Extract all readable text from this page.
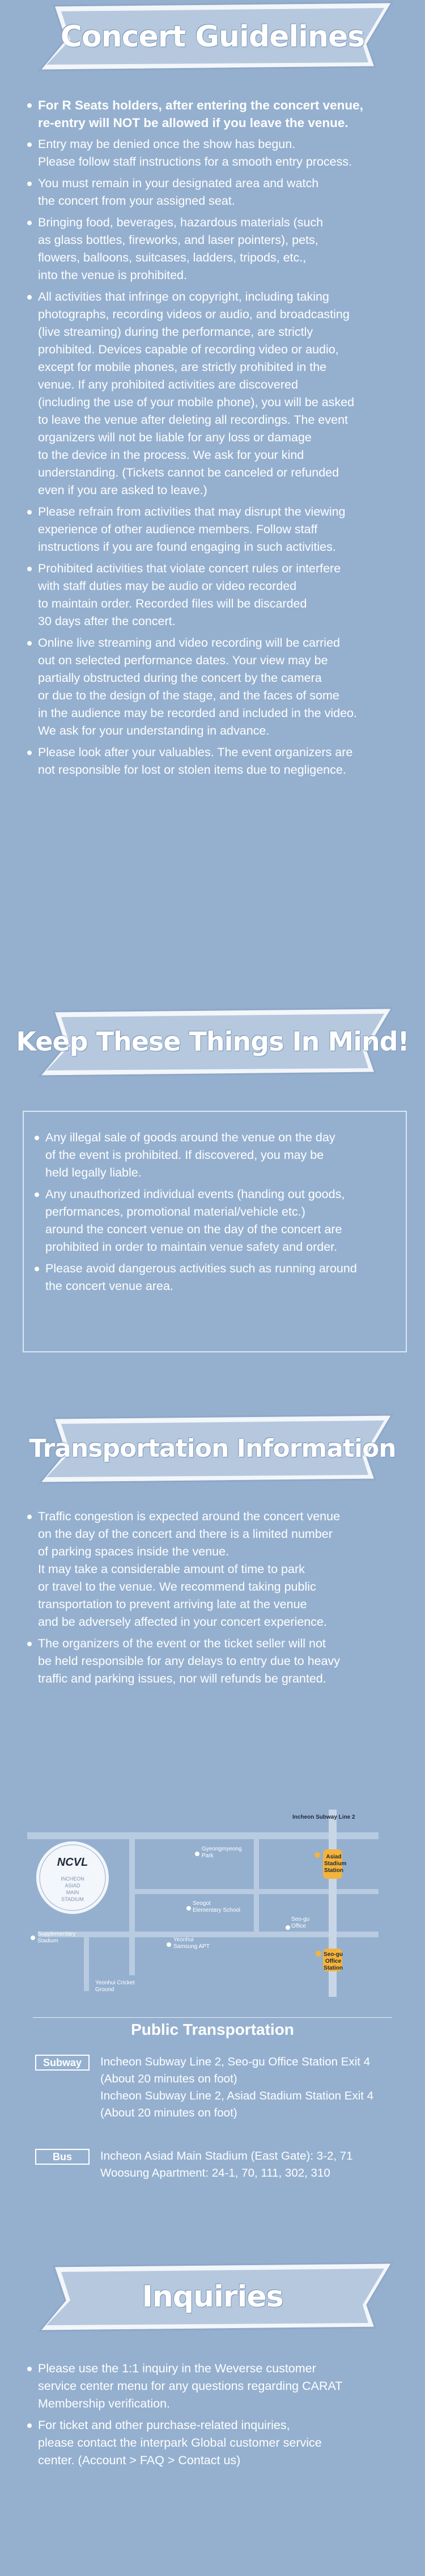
Concert Guidelines
For R Seats holders, after entering the concert venue,
re-entry will NOT be allowed if you leave the venue.
Entry may be denied once the show has begun.
Please follow staff instructions for a smooth entry process.
You must remain in your designated area and watch
the concert from your assigned seat.
Bringing food, beverages, hazardous materials (such
as glass bottles, fireworks, and laser pointers), pets,
flowers, balloons, suitcases, ladders, tripods, etc.,
into the venue is prohibited.
All activities that infringe on copyright, including taking
photographs, recording videos or audio, and broadcasting
(live streaming) during the performance, are strictly
prohibited. Devices capable of recording video or audio,
except for mobile phones, are strictly prohibited in the
venue. If any prohibited activities are discovered
(including the use of your mobile phone), you will be asked
to leave the venue after deleting all recordings. The event
organizers will not be liable for any loss or damage
to the device in the process. We ask for your kind
understanding. (Tickets cannot be canceled or refunded
even if you are asked to leave.)
Please refrain from activities that may disrupt the viewing
experience of other audience members. Follow staff
instructions if you are found engaging in such activities.
Prohibited activities that violate concert rules or interfere
with staff duties may be audio or video recorded
to maintain order. Recorded files will be discarded
30 days after the concert.
Online live streaming and video recording will be carried
out on selected performance dates. Your view may be
partially obstructed during the concert by the camera
or due to the design of the stage, and the faces of some
in the audience may be recorded and included in the video.
We ask for your understanding in advance.
Please look after your valuables. The event organizers are
not responsible for lost or stolen items due to negligence.
Keep These Things In Mind!
Any illegal sale of goods around the venue on the day
of the event is prohibited. If discovered, you may be
held legally liable.
Any unauthorized individual events (handing out goods,
performances, promotional material/vehicle etc.)
around the concert venue on the day of the concert are
prohibited in order to maintain venue safety and order.
Please avoid dangerous activities such as running around
the concert venue area.
Transportation Information
Traffic congestion is expected around the concert venue
on the day of the concert and there is a limited number
of parking spaces inside the venue.
It may take a considerable amount of time to park
or travel to the venue. We recommend taking public
transportation to prevent arriving late at the venue
and be adversely affected in your concert experience.
The organizers of the event or the ticket seller will not
be held responsible for any delays to entry due to heavy
traffic and parking issues, nor will refunds be granted.
Incheon Subway Line 2
Asiad
Stadium
Station
Seo-gu Office
Station
NCVL
INCHEON
ASIAD
MAIN
STADIUM
Gyeongmyeong
Park
Seogot
Elementary School
Seo-gu
Office
Yeonhui
Samsung APT
Supplementary
Stadium
Yeonhui Cricket
Ground
Public Transportation
Subway	Incheon Subway Line 2, Seo-gu Office Station Exit 4
(About 20 minutes on foot)
Incheon Subway Line 2, Asiad Stadium Station Exit 4
(About 20 minutes on foot)
Bus	Incheon Asiad Main Stadium (East Gate): 3-2, 71
Woosung Apartment: 24-1, 70, 111, 302, 310
Inquiries
Please use the 1:1 inquiry in the Weverse customer
service center menu for any questions regarding CARAT
Membership verification.
For ticket and other purchase-related inquiries,
please contact the interpark Global customer service
center. (Account > FAQ > Contact us)
